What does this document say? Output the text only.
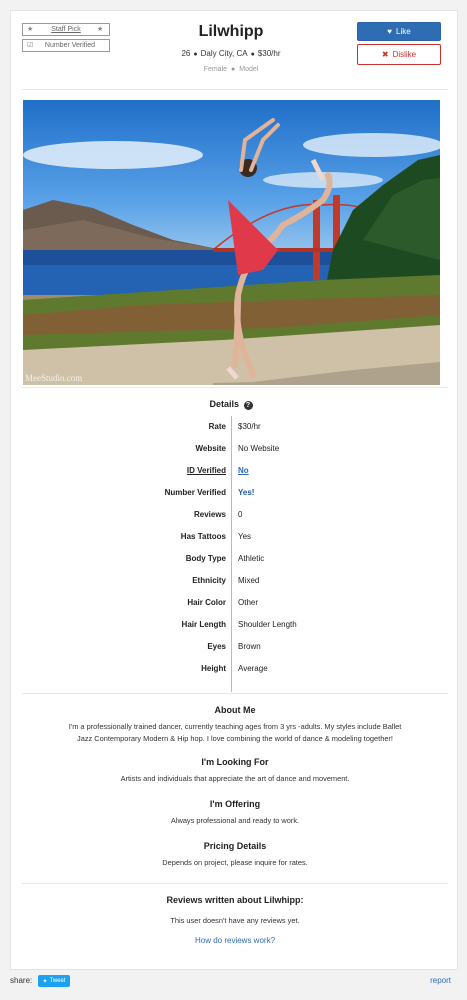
★	Staff Pick	★
☑	Number Verified
Lilwhipp
26 ● Daly City, CA ● $30/hr
Female ● Model
♥ Like
✖ Dislike
MeeStudio.com
Details ?
Rate $30/hr
Website No Website
ID Verified No
Number Verified Yes!
Reviews 0
Has Tattoos Yes
Body Type Athletic
Ethnicity Mixed
Hair Color Other
Hair Length Shoulder Length
Eyes Brown
Height Average
About Me

I'm a professionally trained dancer, currently teaching ages from 3 yrs -adults. My styles include Ballet

Jazz Contemporary Modern & Hip hop. I love combining the world of dance & modeling together!

I'm Looking For

Artists and individuals that appreciate the art of dance and movement.

I'm Offering

Always professional and ready to work.

Pricing Details

Depends on project, please inquire for rates.

Reviews written about Lilwhipp:

This user doesn't have any reviews yet.

How do reviews work?

share: ✦ Tweet	report
